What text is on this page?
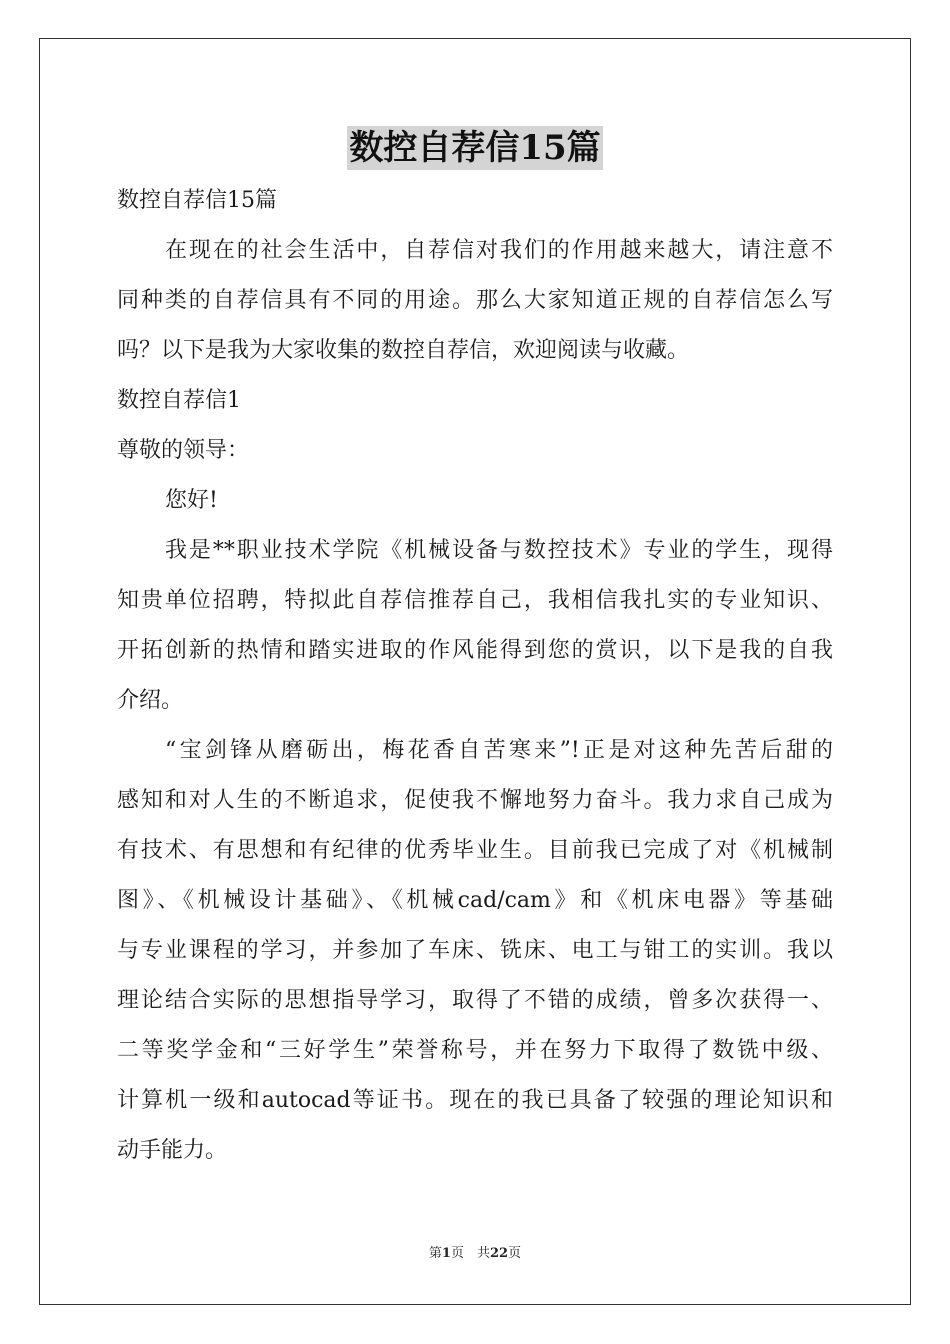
数控自荐信15篇

数控自荐信15篇

在现在的社会生活中，自荐信对我们的作用越来越大，请注意不

同种类的自荐信具有不同的用途。那么大家知道正规的自荐信怎么写

吗？以下是我为大家收集的数控自荐信，欢迎阅读与收藏。

数控自荐信1

尊敬的领导：

您好!

我是**职业技术学院《机械设备与数控技术》专业的学生，现得

知贵单位招聘，特拟此自荐信推荐自己，我相信我扎实的专业知识、

开拓创新的热情和踏实进取的作风能得到您的赏识，以下是我的自我

介绍。

“宝剑锋从磨砺出，梅花香自苦寒来”!正是对这种先苦后甜的

感知和对人生的不断追求，促使我不懈地努力奋斗。我力求自己成为

有技术、有思想和有纪律的优秀毕业生。目前我已完成了对《机械制

图》、《机械设计基础》、《机械cad/cam》和《机床电器》等基础

与专业课程的学习，并参加了车床、铣床、电工与钳工的实训。我以

理论结合实际的思想指导学习，取得了不错的成绩，曾多次获得一、

二等奖学金和“三好学生”荣誉称号，并在努力下取得了数铣中级、

计算机一级和autocad等证书。现在的我已具备了较强的理论知识和

动手能力。

第1页　共22页
